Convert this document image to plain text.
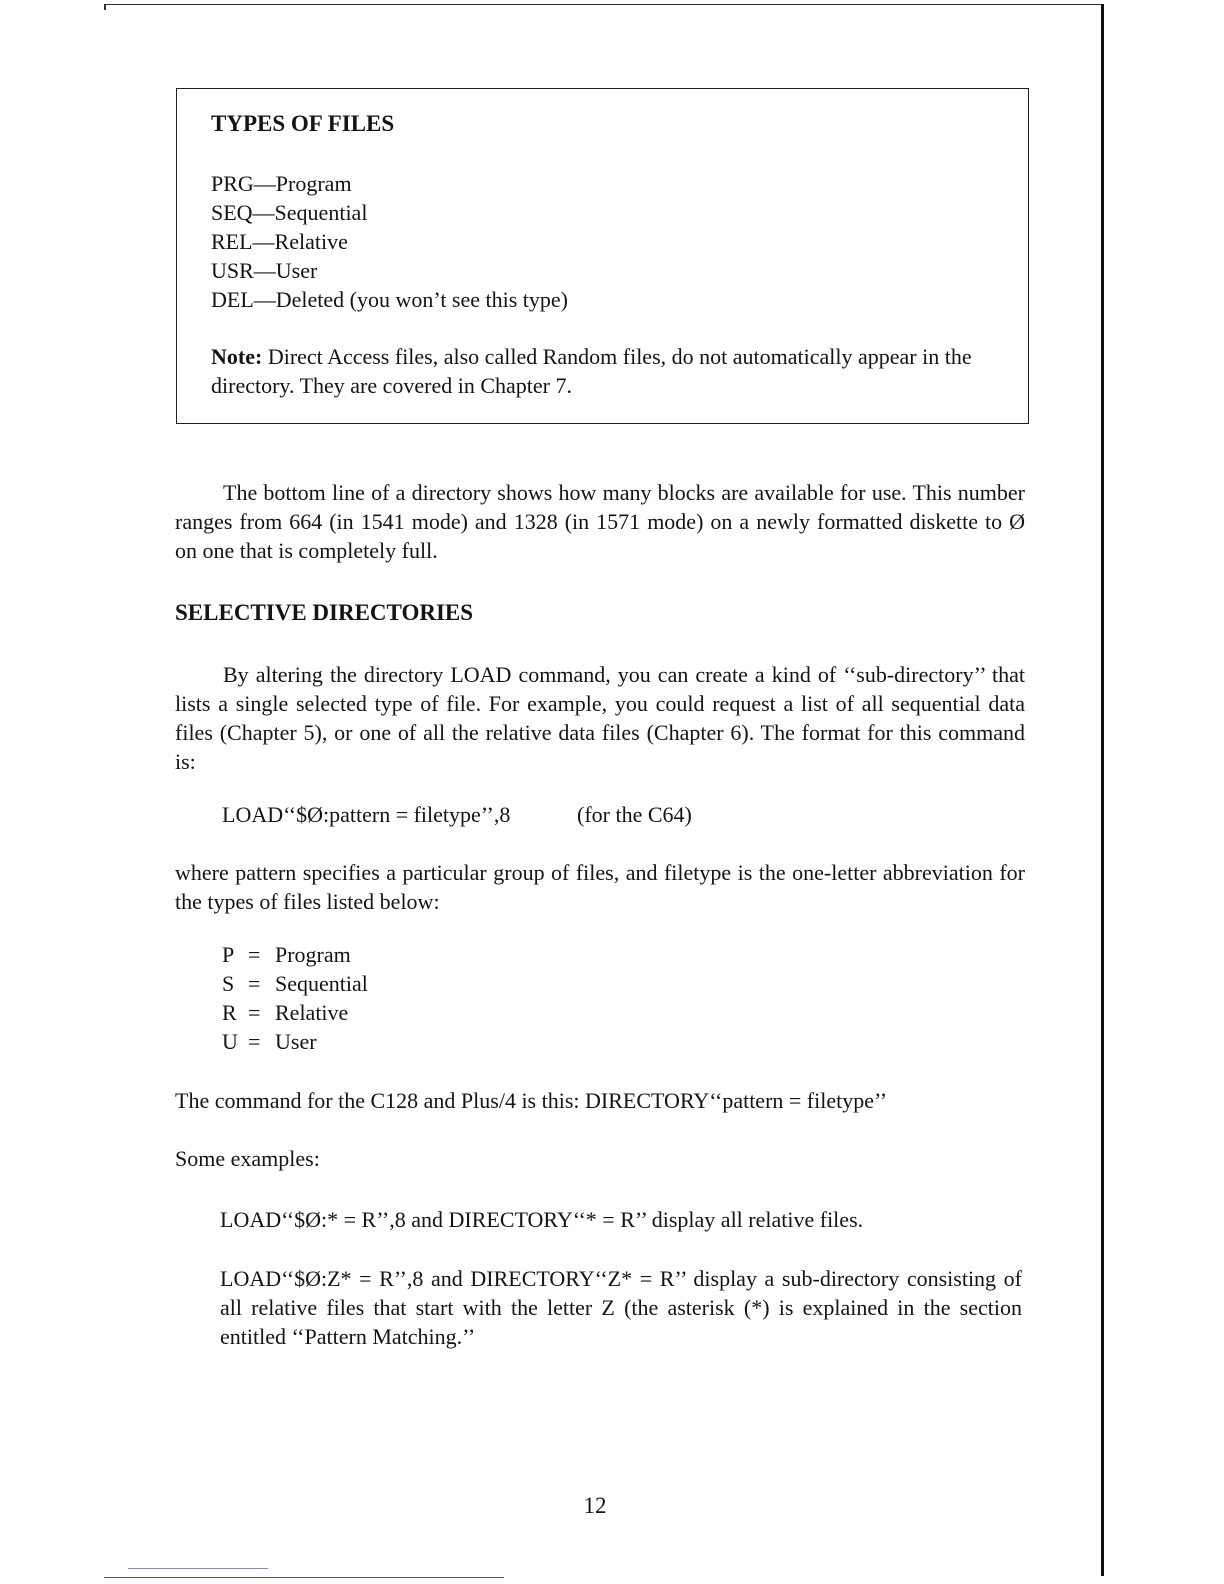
TYPES OF FILES
PRG—Program
SEQ—Sequential
REL—Relative
USR—User
DEL—Deleted (you won’t see this type)
Note: Direct Access files, also called Random files, do not automatically appear in the directory. They are covered in Chapter 7.
The bottom line of a directory shows how many blocks are available for use. This number ranges from 664 (in 1541 mode) and 1328 (in 1571 mode) on a newly formatted diskette to Ø on one that is completely full.
SELECTIVE DIRECTORIES
By altering the directory LOAD command, you can create a kind of ‘‘sub-directory’’ that lists a single selected type of file. For example, you could request a list of all sequential data files (Chapter 5), or one of all the relative data files (Chapter 6). The format for this command is:
LOAD‘‘$Ø:pattern = filetype’’,8	(for the C64)
where pattern specifies a particular group of files, and filetype is the one-letter abbreviation for the types of files listed below:
P = Program
S = Sequential
R = Relative
U = User
The command for the C128 and Plus/4 is this: DIRECTORY‘‘pattern = filetype’’
Some examples:
LOAD‘‘$Ø:* = R’’,8 and DIRECTORY‘‘* = R’’ display all relative files.
LOAD‘‘$Ø:Z* = R’’,8 and DIRECTORY‘‘Z* = R’’ display a sub-directory consisting of all relative files that start with the letter Z (the asterisk (*) is explained in the section entitled ‘‘Pattern Matching.’’
12
